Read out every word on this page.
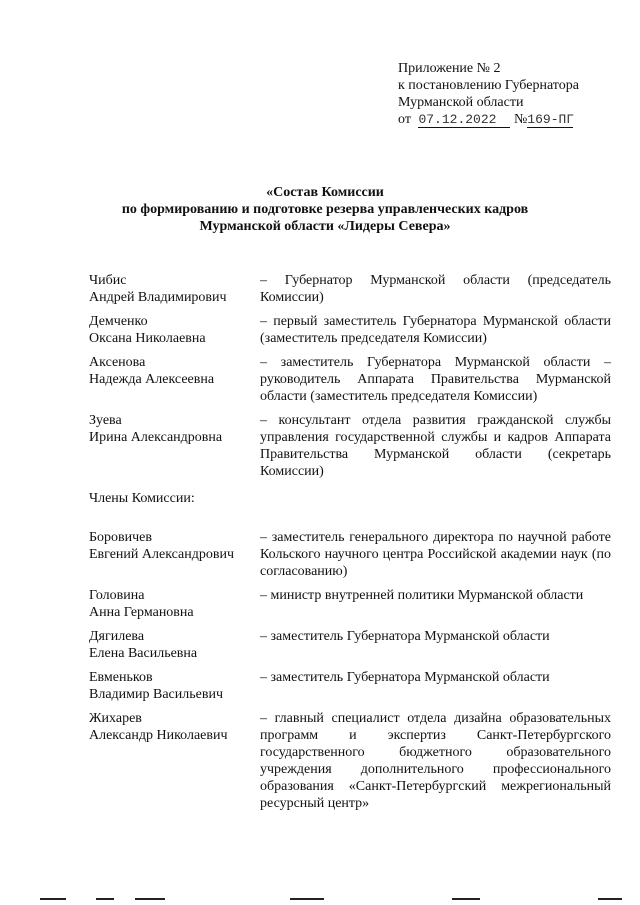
Приложение № 2
к постановлению Губернатора
Мурманской области
от 07.12.2022 №169-ПГ
«Состав Комиссии
по формированию и подготовке резерва управленческих кадров
Мурманской области «Лидеры Севера»
Чибис
Андрей Владимирович
– Губернатор Мурманской области (председатель Комиссии)
Демченко
Оксана Николаевна
– первый заместитель Губернатора Мурманской области (заместитель председателя Комиссии)
Аксенова
Надежда Алексеевна
– заместитель Губернатора Мурманской области – руководитель Аппарата Правительства Мурманской области (заместитель председателя Комиссии)
Зуева
Ирина Александровна
– консультант отдела развития гражданской службы управления государственной службы и кадров Аппарата Правительства Мурманской области (секретарь Комиссии)
Члены Комиссии:
Боровичев
Евгений Александрович
– заместитель генерального директора по научной работе Кольского научного центра Российской академии наук (по согласованию)
Головина
Анна Германовна
– министр внутренней политики Мурманской области
Дягилева
Елена Васильевна
– заместитель Губернатора Мурманской области
Евменьков
Владимир Васильевич
– заместитель Губернатора Мурманской области
Жихарев
Александр Николаевич
– главный специалист отдела дизайна образовательных программ и экспертиз Санкт-Петербургского государственного бюджетного образовательного учреждения дополнительного профессионального образования «Санкт-Петербургский межрегиональный ресурсный центр»
